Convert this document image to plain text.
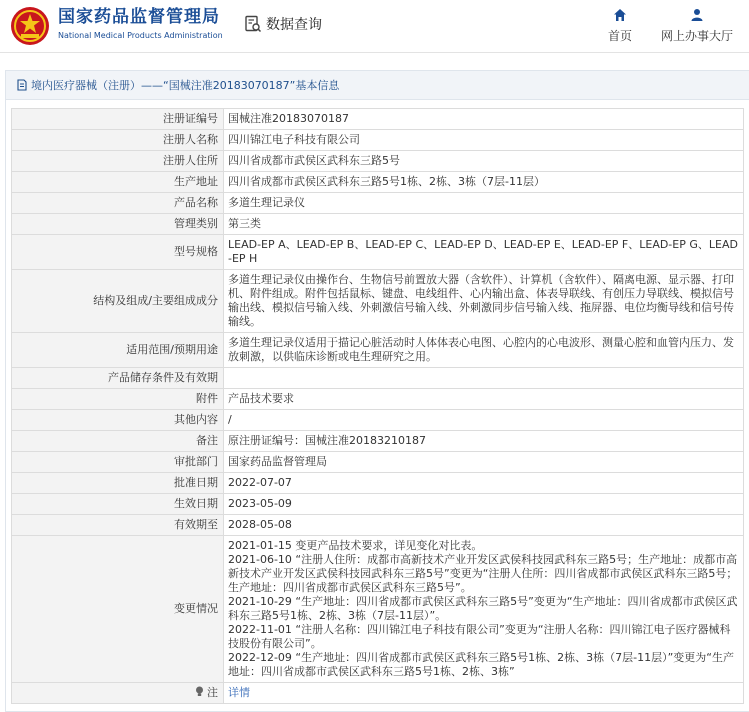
国家药品监督管理局
National Medical Products Administration
数据查询
首页	网上办事大厅
境内医疗器械（注册）——“国械注准20183070187”基本信息
注册证编号	国械注准20183070187
注册人名称	四川锦江电子科技有限公司
注册人住所	四川省成都市武侯区武科东三路5号
生产地址	四川省成都市武侯区武科东三路5号1栋、2栋、3栋（7层-11层）
产品名称	多道生理记录仪
管理类别	第三类
型号规格	LEAD-EP A、LEAD-EP B、LEAD-EP C、LEAD-EP D、LEAD-EP E、LEAD-EP F、LEAD-EP G、LEAD-EP H
结构及组成/主要组成成分	多道生理记录仪由操作台、生物信号前置放大器（含软件）、计算机（含软件）、隔离电源、显示器、打印机、附件组成。附件包括鼠标、键盘、电线组件、心内输出盒、体表导联线、有创压力导联线、模拟信号输出线、模拟信号输入线、外刺激信号输入线、外刺激同步信号输入线、拖屏器、电位均衡导线和信号传输线。
适用范围/预期用途	多道生理记录仪适用于描记心脏活动时人体体表心电图、心腔内的心电波形、测量心腔和血管内压力、发放刺激，以供临床诊断或电生理研究之用。
产品储存条件及有效期	
附件	产品技术要求
其他内容	/
备注	原注册证编号：国械注准20183210187
审批部门	国家药品监督管理局
批准日期	2022-07-07
生效日期	2023-05-09
有效期至	2028-05-08
变更情况	2021-01-15 变更产品技术要求，详见变化对比表。

2021-06-10 “注册人住所：成都市高新技术产业开发区武侯科技园武科东三路5号；生产地址：成都市高新技术产业开发区武侯科技园武科东三路5号”变更为“注册人住所：四川省成都市武侯区武科东三路5号；生产地址：四川省成都市武侯区武科东三路5号”。

2021-10-29 “生产地址：四川省成都市武侯区武科东三路5号”变更为“生产地址：四川省成都市武侯区武科东三路5号1栋、2栋、3栋（7层-11层）”。

2022-11-01 “注册人名称：四川锦江电子科技有限公司”变更为“注册人名称：四川锦江电子医疗器械科技股份有限公司”。

2022-12-09 “生产地址：四川省成都市武侯区武科东三路5号1栋、2栋、3栋（7层-11层）”变更为“生产地址：四川省成都市武侯区武科东三路5号1栋、2栋、3栋”

注	详情
